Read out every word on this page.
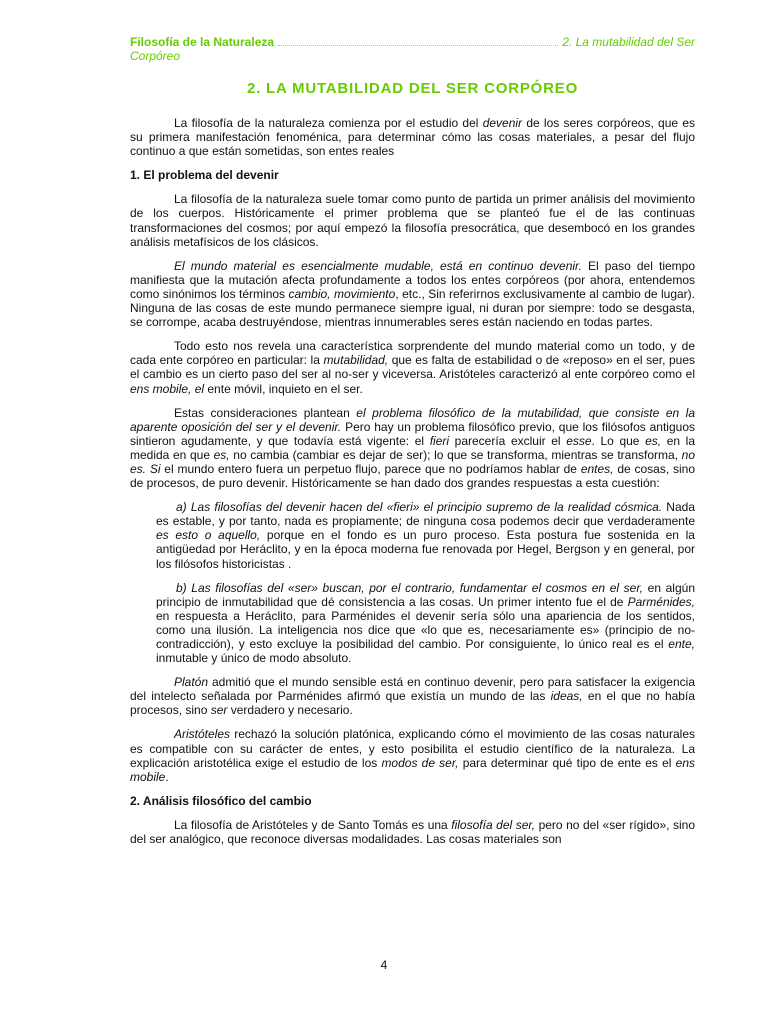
Filosofía de la Naturaleza	2. La mutabilidad del Ser
Corpóreo
2. LA MUTABILIDAD DEL SER CORPÓREO

La filosofía de la naturaleza comienza por el estudio del devenir de los seres corpóreos, que es su primera manifestación fenoménica, para determinar cómo las cosas materiales, a pesar del flujo continuo a que están sometidas, son entes reales

1. El problema del devenir

La filosofía de la naturaleza suele tomar como punto de partida un primer análisis del movimiento de los cuerpos. Históricamente el primer problema que se planteó fue el de las continuas transformaciones del cosmos; por aquí empezó la filosofía presocrática, que desembocó en los grandes análisis metafísicos de los clásicos.

El mundo material es esencialmente mudable, está en continuo devenir. El paso del tiempo manifiesta que la mutación afecta profundamente a todos los entes corpóreos (por ahora, entendemos como sinónimos los términos cambio, movimiento, etc., Sin referirnos exclusivamente al cambio de lugar). Ninguna de las cosas de este mundo permanece siempre igual, ni duran por siempre: todo se desgasta, se corrompe, acaba destruyéndose, mientras innumerables seres están naciendo en todas partes.

Todo esto nos revela una característica sorprendente del mundo material como un todo, y de cada ente corpóreo en particular: la mutabilidad, que es falta de estabilidad o de «reposo» en el ser, pues el cambio es un cierto paso del ser al no-ser y viceversa. Aristóteles caracterizó al ente corpóreo como el ens mobile, el ente móvil, inquieto en el ser.

Estas consideraciones plantean el problema filosófico de la mutabilidad, que consiste en la aparente oposición del ser y el devenir. Pero hay un problema filosófico previo, que los filósofos antiguos sintieron agudamente, y que todavía está vigente: el fieri parecería excluir el esse. Lo que es, en la medida en que es, no cambia (cambiar es dejar de ser); lo que se transforma, mientras se transforma, no es. Si el mundo entero fuera un perpetuo flujo, parece que no podríamos hablar de entes, de cosas, sino de procesos, de puro devenir. Históricamente se han dado dos grandes respuestas a esta cuestión:

a) Las filosofías del devenir hacen del «fieri» el principio supremo de la realidad cósmica. Nada es estable, y por tanto, nada es propiamente; de ninguna cosa podemos decir que verdaderamente es esto o aquello, porque en el fondo es un puro proceso. Esta postura fue sostenida en la antigüedad por Heráclito, y en la época moderna fue renovada por Hegel, Bergson y en general, por los filósofos historicistas .

b) Las filosofías del «ser» buscan, por el contrario, fundamentar el cosmos en el ser, en algún principio de inmutabilidad que dé consistencia a las cosas. Un primer intento fue el de Parménides, en respuesta a Heráclito, para Parménides el devenir sería sólo una apariencia de los sentidos, como una ilusión. La inteligencia nos dice que «lo que es, necesariamente es» (principio de no-contradicción), y esto excluye la posibilidad del cambio. Por consiguiente, lo único real es el ente, inmutable y único de modo absoluto.

Platón admitió que el mundo sensible está en continuo devenir, pero para satisfacer la exigencia del intelecto señalada por Parménides afirmó que existía un mundo de las ideas, en el que no había procesos, sino ser verdadero y necesario.

Aristóteles rechazó la solución platónica, explicando cómo el movimiento de las cosas naturales es compatible con su carácter de entes, y esto posibilita el estudio científico de la naturaleza. La explicación aristotélica exige el estudio de los modos de ser, para determinar qué tipo de ente es el ens mobile.

2. Análisis filosófico del cambio

La filosofía de Aristóteles y de Santo Tomás es una filosofía del ser, pero no del «ser rígido», sino del ser analógico, que reconoce diversas modalidades. Las cosas materiales son

4
